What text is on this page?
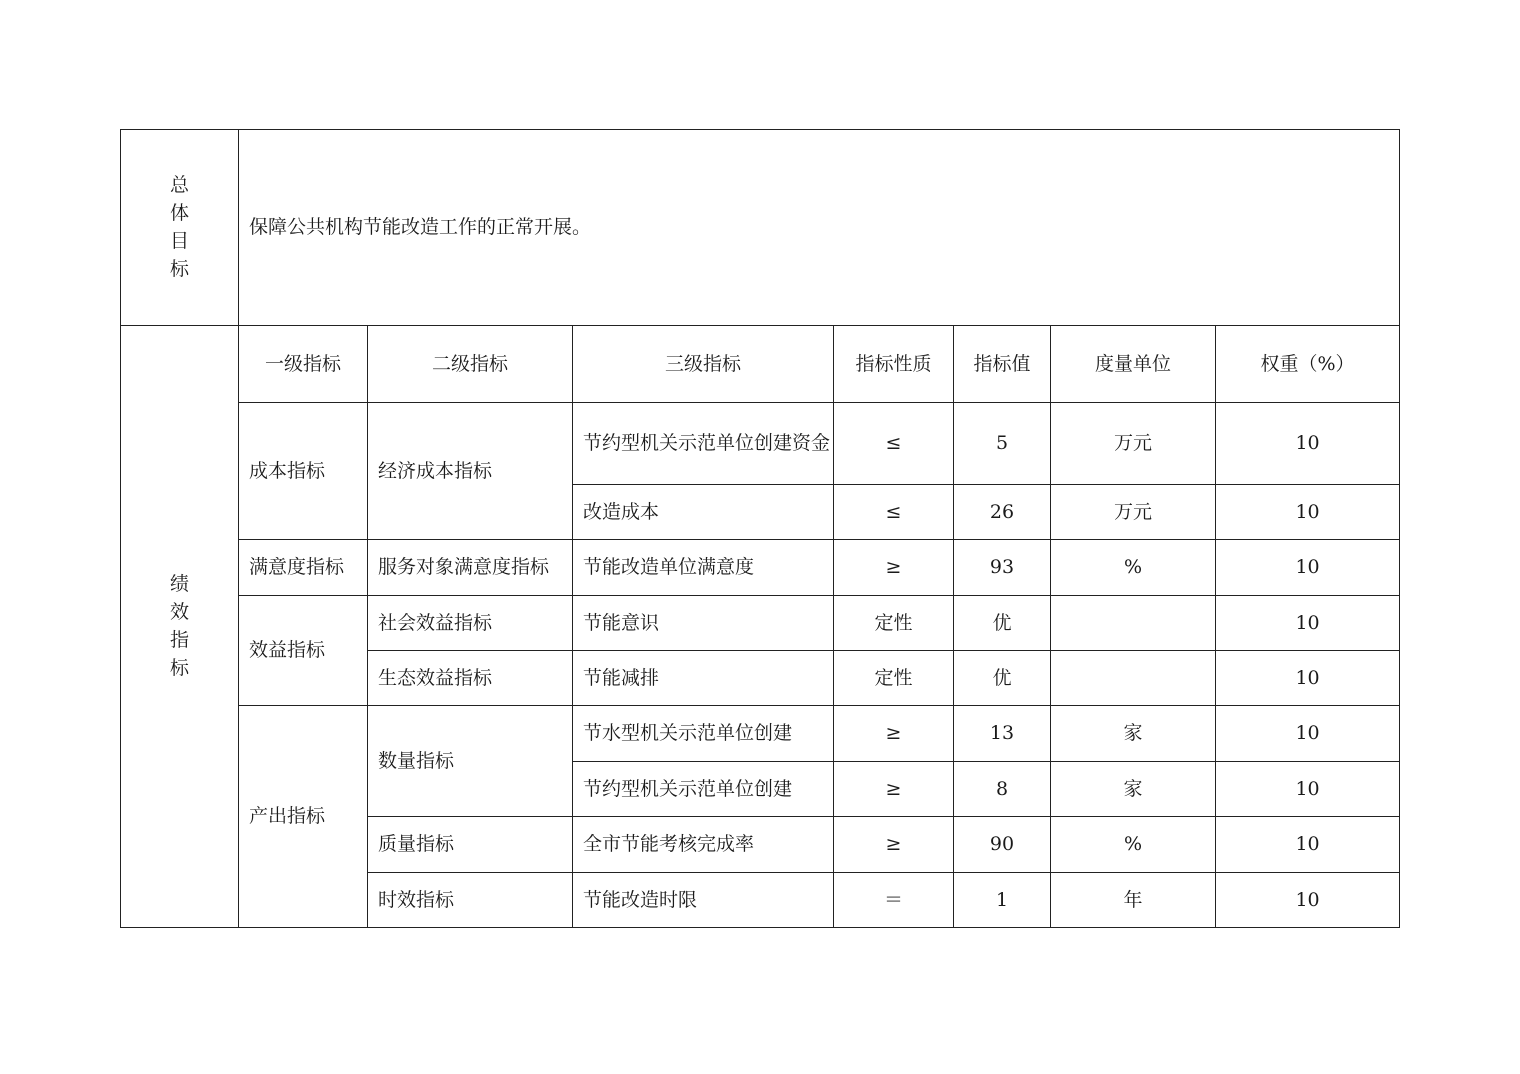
总体目标	保障公共机构节能改造工作的正常开展。						
绩效指标	一级指标	二级指标	三级指标	指标性质	指标值	度量单位	权重（%）
	成本指标	经济成本指标	节约型机关示范单位创建资金	≤	5	万元	10
			改造成本	≤	26	万元	10
	满意度指标	服务对象满意度指标	节能改造单位满意度	≥	93	%	10
	效益指标	社会效益指标	节能意识	定性	优		10
		生态效益指标	节能减排	定性	优		10
	产出指标	数量指标	节水型机关示范单位创建	≥	13	家	10
			节约型机关示范单位创建	≥	8	家	10
		质量指标	全市节能考核完成率	≥	90	%	10
		时效指标	节能改造时限	＝	1	年	10
